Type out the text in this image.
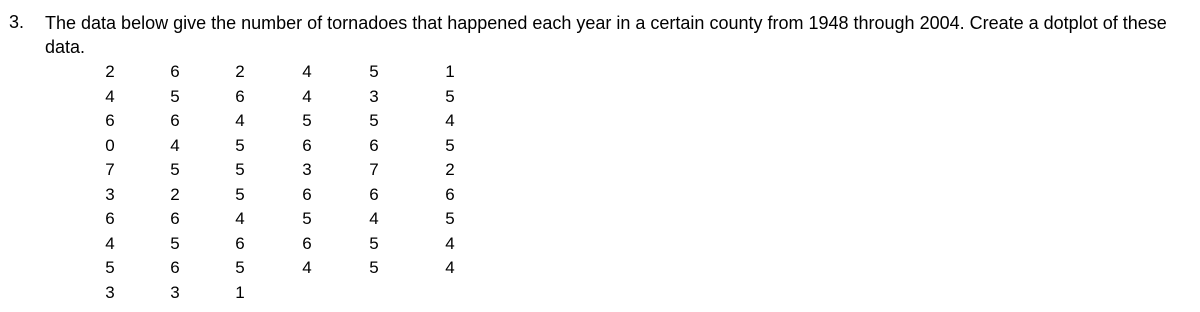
3. The data below give the number of tornadoes that happened each year in a certain county from 1948 through 2004. Create a dotplot of these data.
2
4
6
0
7
3
6
4
5
3
6
5
6
4
5
2
6
5
6
3
2
6
4
5
5
5
4
6
5
1
4
4
5
6
3
6
5
6
4
5
3
5
6
7
6
4
5
5
1
5
4
5
2
6
5
4
4
